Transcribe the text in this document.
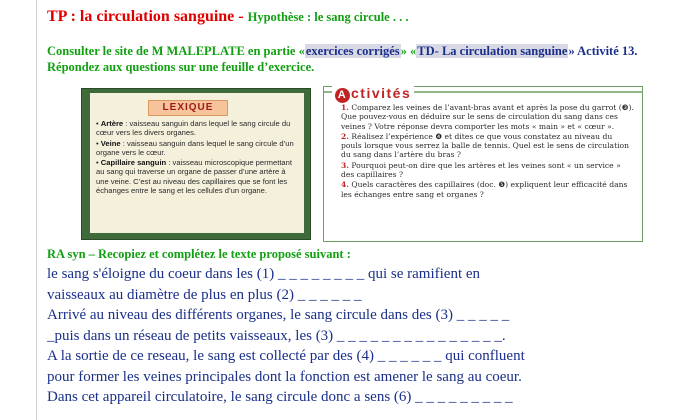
TP : la circulation sanguine - Hypothèse : le sang circule . . .
Consulter le site de M MALEPLATE en partie «exercices corrigés» «TD- La circulation sanguine» Activité 13. Répondez aux questions sur une feuille d’exercice.
LEXIQUE

• Artère : vaisseau sanguin dans lequel le sang circule du cœur vers les divers organes.

• Veine : vaisseau sanguin dans lequel le sang circule d’un organe vers le cœur.

• Capillaire sanguin : vaisseau microscopique permettant au sang qui traverse un organe de passer d’une artère à une veine. C’est au niveau des capillaires que se font les échanges entre le sang et les cellules d’un organe.

A ctivités

1. Comparez les veines de l’avant-bras avant et après la pose du garrot (❸). Que pouvez-vous en déduire sur le sens de circulation du sang dans ces veines ? Votre réponse devra comporter les mots « main » et « cœur ».

2. Réalisez l’expérience ❹ et dites ce que vous constatez au niveau du pouls lorsque vous serrez la balle de tennis. Quel est le sens de circulation du sang dans l’artère du bras ?

3. Pourquoi peut-on dire que les artères et les veines sont « un service » des capillaires ?

4. Quels caractères des capillaires (doc. ❺) expliquent leur efficacité dans les échanges entre sang et organes ?

RA syn – Recopiez et complétez le texte proposé suivant :
le sang s'éloigne du coeur dans les (1) _ _ _ _ _ _ _ _ qui se ramifient en
vaisseaux au diamètre de plus en plus (2) _ _ _ _ _ _
Arrivé au niveau des différents organes, le sang circule dans des (3) _ _ _ _ _
_puis dans un réseau de petits vaisseaux, les (3) _ _ _ _ _ _ _ _ _ _ _ _ _ _ _.
A la sortie de ce reseau, le sang est collecté par des (4) _ _ _ _ _ _ qui confluent
pour former les veines principales dont la fonction est amener le sang au coeur.
Dans cet appareil circulatoire, le sang circule donc a sens (6) _ _ _ _ _ _ _ _ _
